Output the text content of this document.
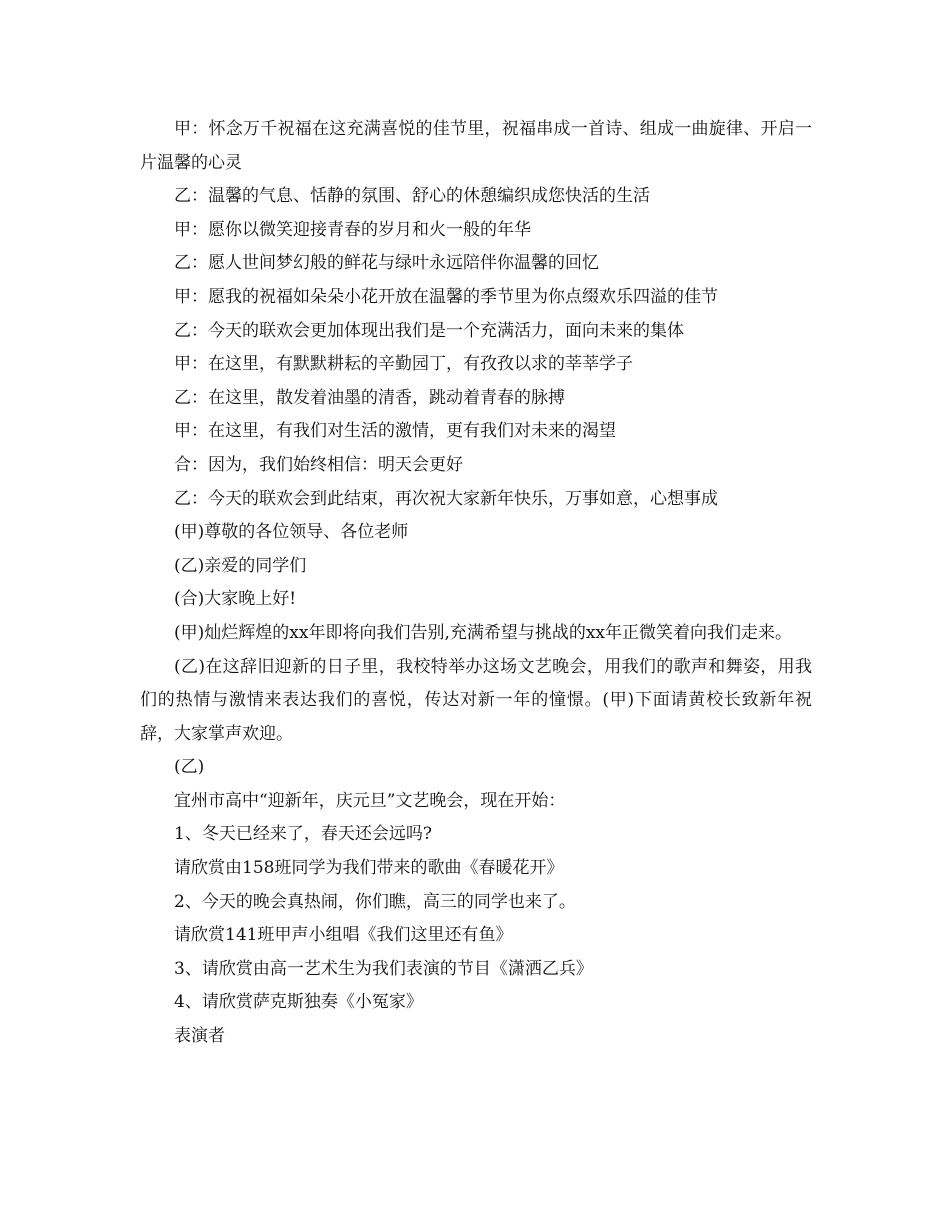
甲：怀念万千祝福在这充满喜悦的佳节里，祝福串成一首诗、组成一曲旋律、开启一片温馨的心灵

乙：温馨的气息、恬静的氛围、舒心的休憩编织成您快活的生活

甲：愿你以微笑迎接青春的岁月和火一般的年华

乙：愿人世间梦幻般的鲜花与绿叶永远陪伴你温馨的回忆

甲：愿我的祝福如朵朵小花开放在温馨的季节里为你点缀欢乐四溢的佳节

乙：今天的联欢会更加体现出我们是一个充满活力，面向未来的集体

甲：在这里，有默默耕耘的辛勤园丁，有孜孜以求的莘莘学子

乙：在这里，散发着油墨的清香，跳动着青春的脉搏

甲：在这里，有我们对生活的激情，更有我们对未来的渴望

合：因为，我们始终相信：明天会更好

乙：今天的联欢会到此结束，再次祝大家新年快乐，万事如意，心想事成

(甲)尊敬的各位领导、各位老师

(乙)亲爱的同学们

(合)大家晚上好!

(甲)灿烂辉煌的xx年即将向我们告别,充满希望与挑战的xx年正微笑着向我们走来。

(乙)在这辞旧迎新的日子里，我校特举办这场文艺晚会，用我们的歌声和舞姿，用我们的热情与激情来表达我们的喜悦，传达对新一年的憧憬。(甲)下面请黄校长致新年祝辞，大家掌声欢迎。

(乙)

宜州市高中“迎新年，庆元旦”文艺晚会，现在开始：

1、冬天已经来了，春天还会远吗?

请欣赏由158班同学为我们带来的歌曲《春暖花开》

2、今天的晚会真热闹，你们瞧，高三的同学也来了。

请欣赏141班甲声小组唱《我们这里还有鱼》

3、请欣赏由高一艺术生为我们表演的节目《潇洒乙兵》

4、请欣赏萨克斯独奏《小冤家》

表演者
